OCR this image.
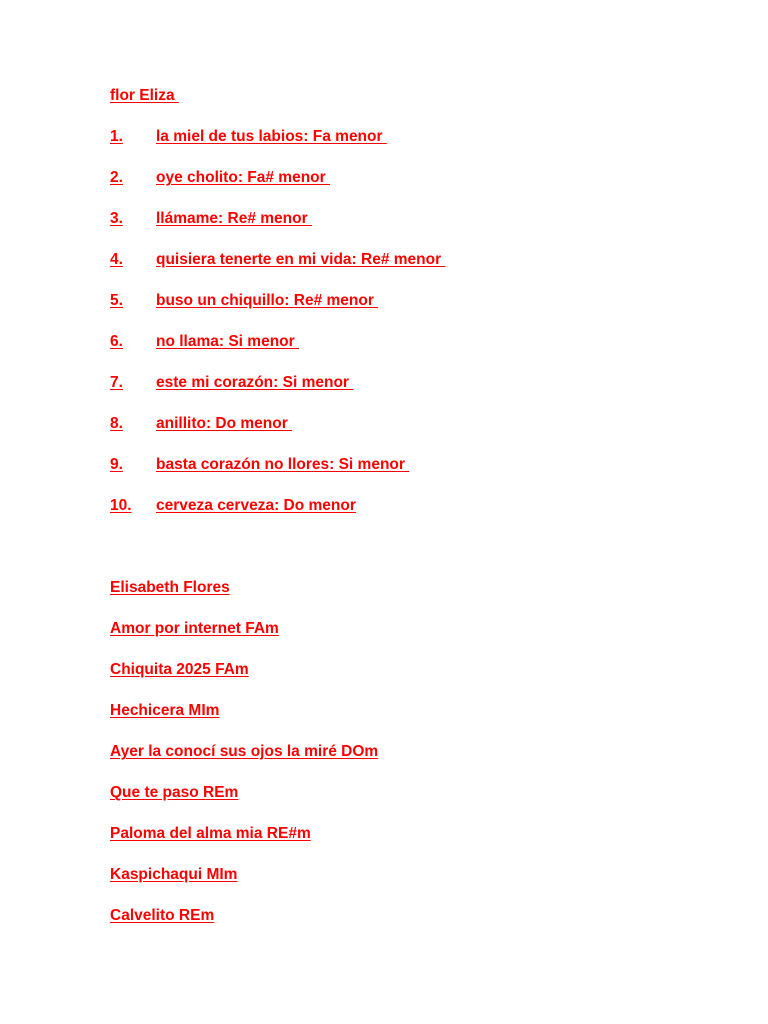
flor Eliza
1. la miel de tus labios: Fa menor
2. oye cholito: Fa# menor
3. llámame: Re# menor
4. quisiera tenerte en mi vida: Re# menor
5. buso un chiquillo: Re# menor
6. no llama: Si menor
7. este mi corazón: Si menor
8. anillito: Do menor
9. basta corazón no llores: Si menor
10. cerveza cerveza: Do menor
Elisabeth Flores
Amor por internet FAm
Chiquita 2025 FAm
Hechicera MIm
Ayer la conocí sus ojos la miré DOm
Que te paso REm
Paloma del alma mia RE#m
Kaspichaqui MIm
Calvelito REm
